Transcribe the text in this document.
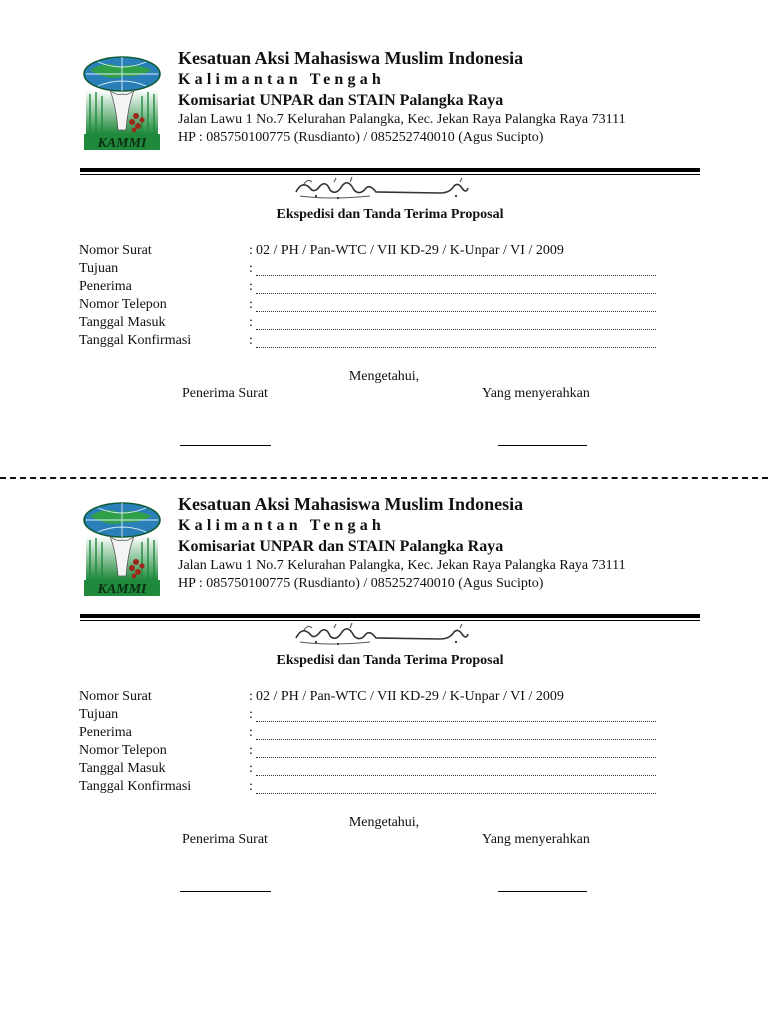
KAMMI
Kesatuan Aksi Mahasiswa Muslim Indonesia
Kalimantan Tengah
Komisariat UNPAR dan STAIN Palangka Raya
Jalan Lawu 1 No.7 Kelurahan Palangka, Kec. Jekan Raya Palangka Raya 73111
HP : 085750100775 (Rusdianto) / 085252740010 (Agus Sucipto)
Ekspedisi dan Tanda Terima Proposal
Nomor Surat	: 02 / PH / Pan-WTC / VII KD-29 / K-Unpar / VI / 2009
Tujuan	:
Penerima	:
Nomor Telepon	:
Tanggal Masuk	:
Tanggal Konfirmasi	:
Mengetahui,
Penerima Surat	Yang menyerahkan
KAMMI
Kesatuan Aksi Mahasiswa Muslim Indonesia
Kalimantan Tengah
Komisariat UNPAR dan STAIN Palangka Raya
Jalan Lawu 1 No.7 Kelurahan Palangka, Kec. Jekan Raya Palangka Raya 73111
HP : 085750100775 (Rusdianto) / 085252740010 (Agus Sucipto)
Ekspedisi dan Tanda Terima Proposal
Nomor Surat	: 02 / PH / Pan-WTC / VII KD-29 / K-Unpar / VI / 2009
Tujuan	:
Penerima	:
Nomor Telepon	:
Tanggal Masuk	:
Tanggal Konfirmasi	:
Mengetahui,
Penerima Surat	Yang menyerahkan
